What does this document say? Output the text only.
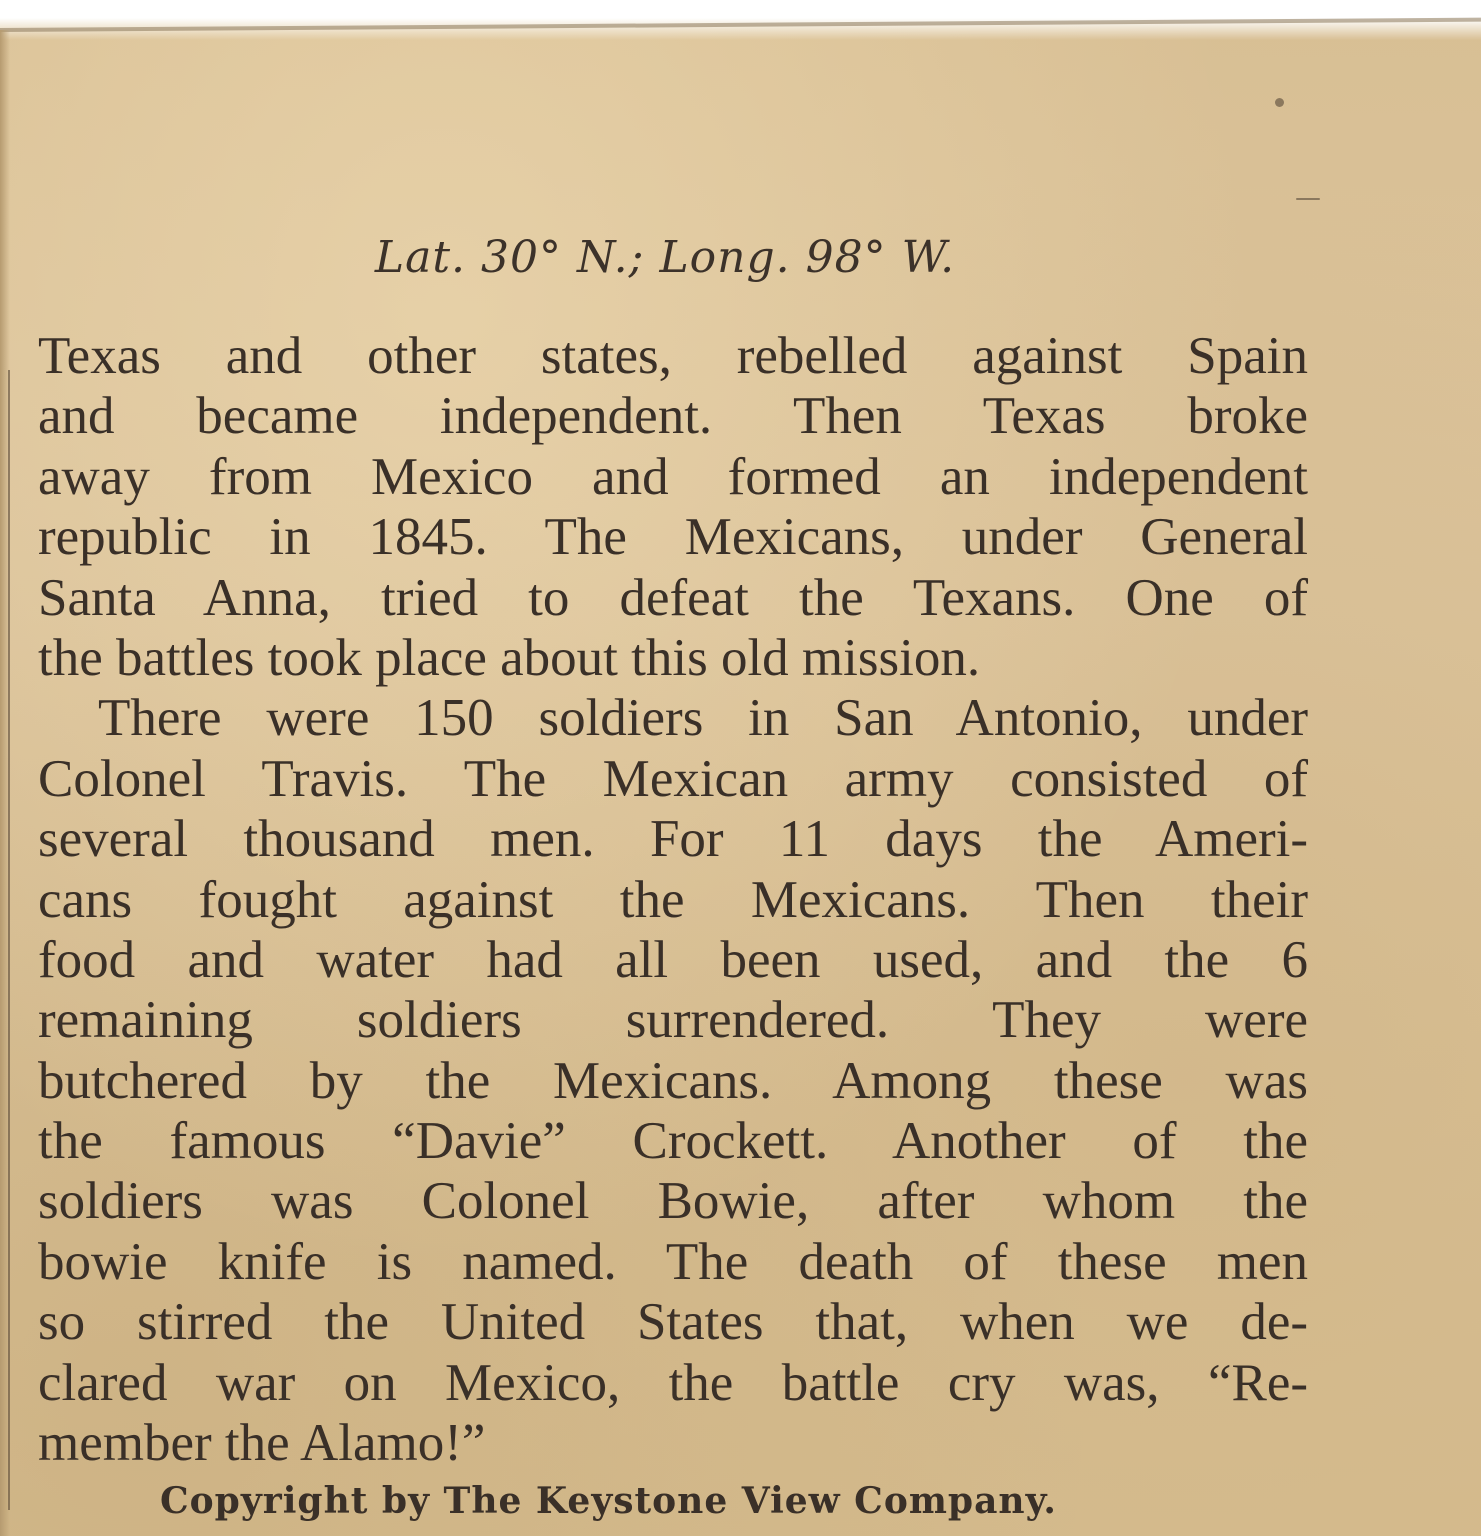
Lat. 30° N.; Long. 98° W.
Texas and other states, rebelled against Spain
and became independent. Then Texas broke
away from Mexico and formed an independent
republic in 1845. The Mexicans, under General
Santa Anna, tried to defeat the Texans. One of
the battles took place about this old mission.
There were 150 soldiers in San Antonio, under
Colonel Travis. The Mexican army consisted of
several thousand men. For 11 days the Ameri-
cans fought against the Mexicans. Then their
food and water had all been used, and the 6
remaining soldiers surrendered. They were
butchered by the Mexicans. Among these was
the famous “Davie” Crockett. Another of the
soldiers was Colonel Bowie, after whom the
bowie knife is named. The death of these men
so stirred the United States that, when we de-
clared war on Mexico, the battle cry was, “Re-
member the Alamo!”
Copyright by The Keystone View Company.
